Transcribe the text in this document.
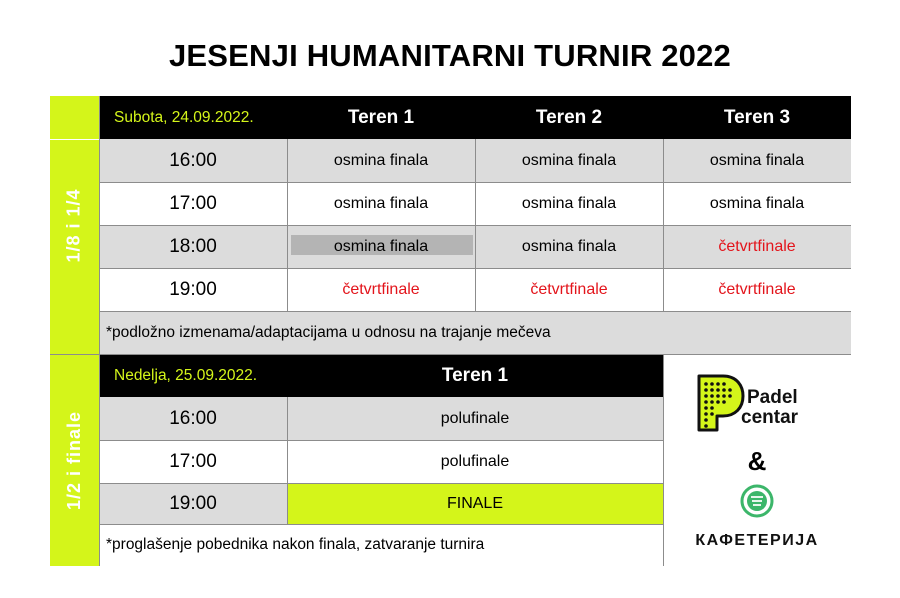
JESENJI HUMANITARNI TURNIR 2022
1/8 i 1/4
Subota, 24.09.2022.	Teren 1	Teren 2	Teren 3
16:00	osmina finala	osmina finala	osmina finala
17:00	osmina finala	osmina finala	osmina finala
18:00	osmina finala	osmina finala	četvrtfinale
19:00	četvrtfinale	četvrtfinale	četvrtfinale
*podložno izmenama/adaptacijama u odnosu na trajanje mečeva
1/2 i finale
Nedelja, 25.09.2022.	Teren 1
16:00	polufinale
17:00	polufinale
19:00	FINALE
*proglašenje pobednika nakon finala, zatvaranje turnira
Padel
centar
&
КАФЕТЕРИЈА
